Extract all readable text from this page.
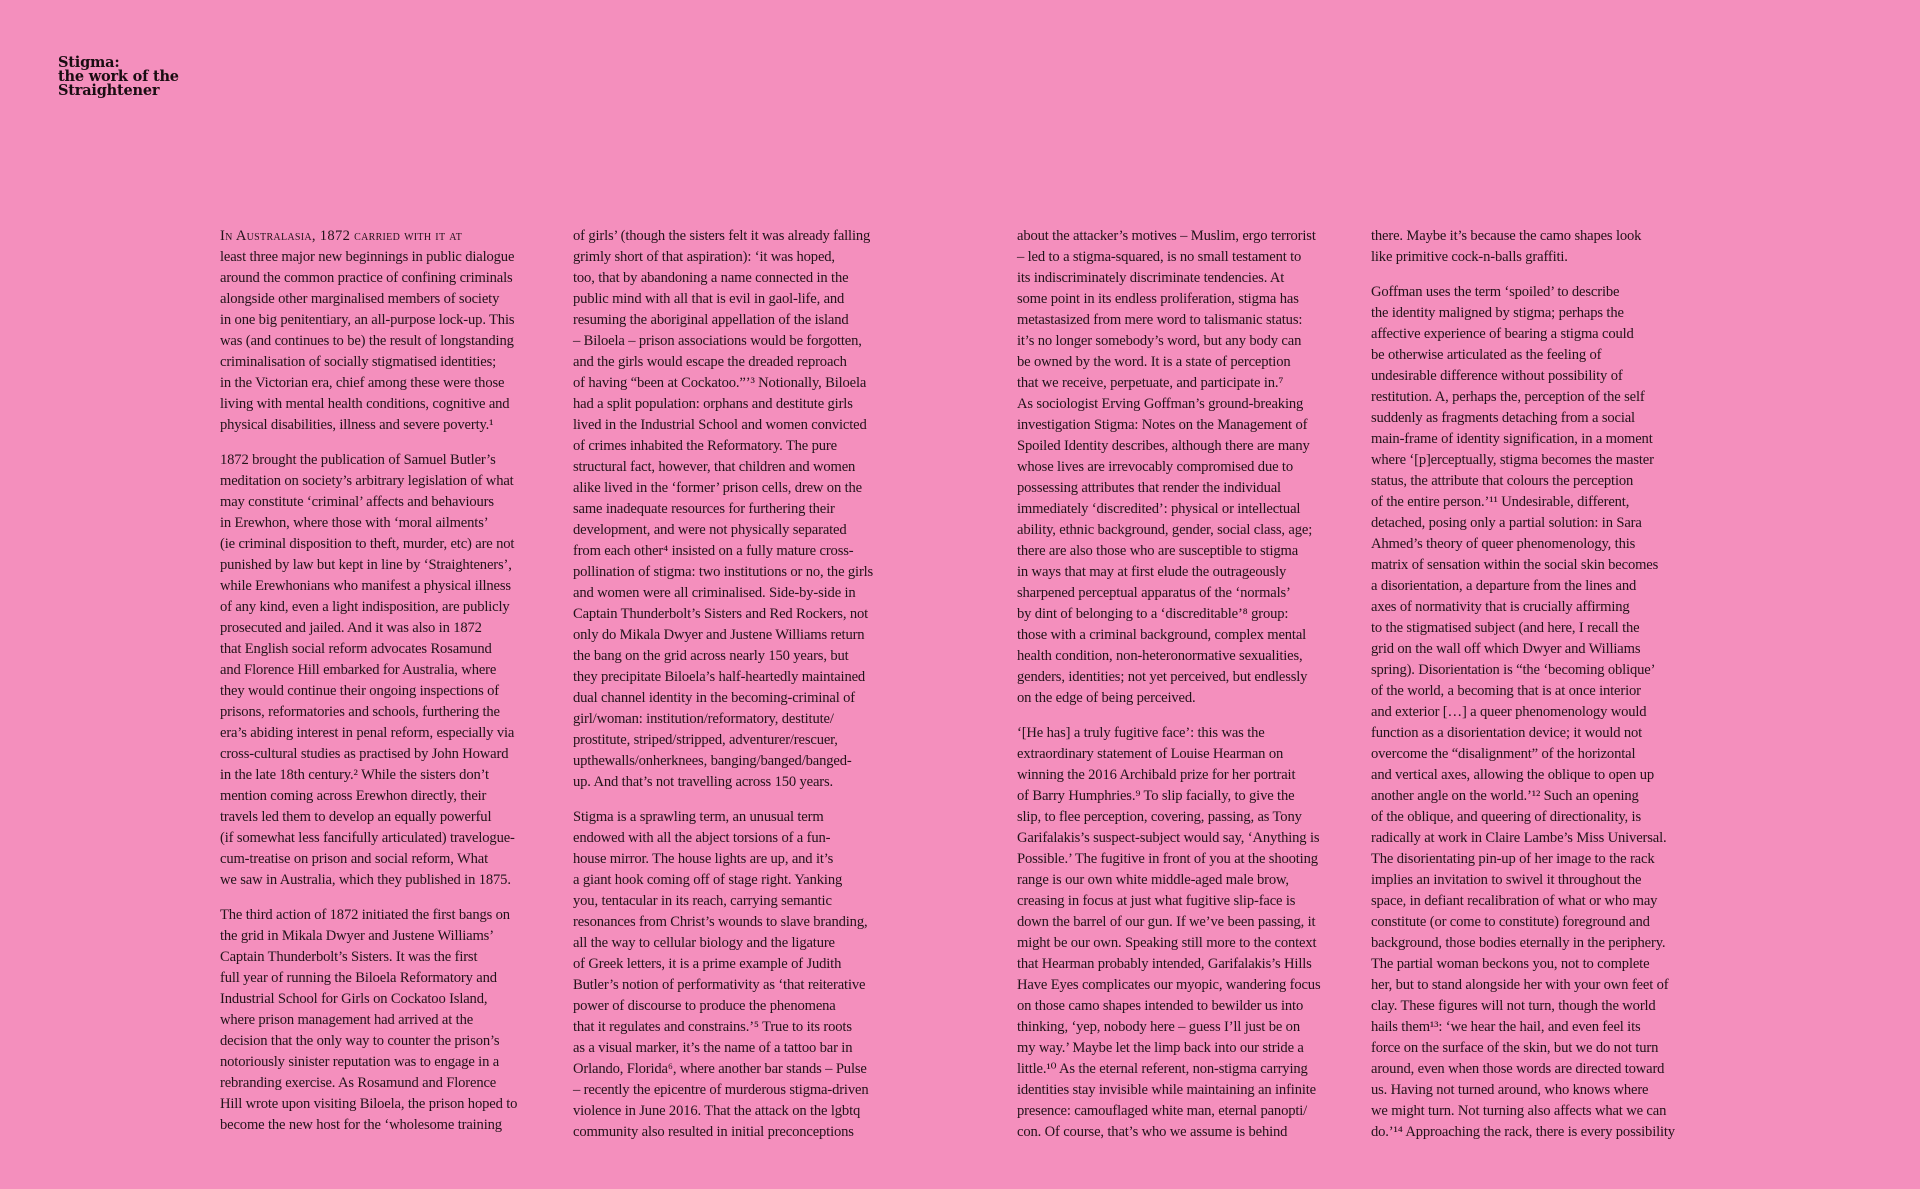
Stigma:
the work of the
Straightener

In Australasia, 1872 carried with it at
least three major new beginnings in public dialogue
around the common practice of confining criminals
alongside other marginalised members of society
in one big penitentiary, an all-purpose lock-up. This
was (and continues to be) the result of longstanding
criminalisation of socially stigmatised identities;
in the Victorian era, chief among these were those
living with mental health conditions, cognitive and
physical disabilities, illness and severe poverty.¹

1872 brought the publication of Samuel Butler’s
meditation on society’s arbitrary legislation of what
may constitute ‘criminal’ affects and behaviours
in Erewhon, where those with ‘moral ailments’
(ie criminal disposition to theft, murder, etc) are not
punished by law but kept in line by ‘Straighteners’,
while Erewhonians who manifest a physical illness
of any kind, even a light indisposition, are publicly
prosecuted and jailed. And it was also in 1872
that English social reform advocates Rosamund
and Florence Hill embarked for Australia, where
they would continue their ongoing inspections of
prisons, reformatories and schools, furthering the
era’s abiding interest in penal reform, especially via
cross-cultural studies as practised by John Howard
in the late 18th century.² While the sisters don’t
mention coming across Erewhon directly, their
travels led them to develop an equally powerful
(if somewhat less fancifully articulated) travelogue-
cum-treatise on prison and social reform, What
we saw in Australia, which they published in 1875.

The third action of 1872 initiated the first bangs on
the grid in Mikala Dwyer and Justene Williams’
Captain Thunderbolt’s Sisters. It was the first
full year of running the Biloela Reformatory and
Industrial School for Girls on Cockatoo Island,
where prison management had arrived at the
decision that the only way to counter the prison’s
notoriously sinister reputation was to engage in a
rebranding exercise. As Rosamund and Florence
Hill wrote upon visiting Biloela, the prison hoped to
become the new host for the ‘wholesome training

of girls’ (though the sisters felt it was already falling
grimly short of that aspiration): ‘it was hoped,
too, that by abandoning a name connected in the
public mind with all that is evil in gaol-life, and
resuming the aboriginal appellation of the island
– Biloela – prison associations would be forgotten,
and the girls would escape the dreaded reproach
of having “been at Cockatoo.”’³ Notionally, Biloela
had a split population: orphans and destitute girls
lived in the Industrial School and women convicted
of crimes inhabited the Reformatory. The pure
structural fact, however, that children and women
alike lived in the ‘former’ prison cells, drew on the
same inadequate resources for furthering their
development, and were not physically separated
from each other⁴ insisted on a fully mature cross-
pollination of stigma: two institutions or no, the girls
and women were all criminalised. Side-by-side in
Captain Thunderbolt’s Sisters and Red Rockers, not
only do Mikala Dwyer and Justene Williams return
the bang on the grid across nearly 150 years, but
they precipitate Biloela’s half-heartedly maintained
dual channel identity in the becoming-criminal of
girl/woman: institution/reformatory, destitute/
prostitute, striped/stripped, adventurer/rescuer,
upthewalls/onherknees, banging/banged/banged-
up. And that’s not travelling across 150 years.

Stigma is a sprawling term, an unusual term
endowed with all the abject torsions of a fun-
house mirror. The house lights are up, and it’s
a giant hook coming off of stage right. Yanking
you, tentacular in its reach, carrying semantic
resonances from Christ’s wounds to slave branding,
all the way to cellular biology and the ligature
of Greek letters, it is a prime example of Judith
Butler’s notion of performativity as ‘that reiterative
power of discourse to produce the phenomena
that it regulates and constrains.’⁵ True to its roots
as a visual marker, it’s the name of a tattoo bar in
Orlando, Florida⁶, where another bar stands – Pulse
– recently the epicentre of murderous stigma-driven
violence in June 2016. That the attack on the lgbtq
community also resulted in initial preconceptions

about the attacker’s motives – Muslim, ergo terrorist
– led to a stigma-squared, is no small testament to
its indiscriminately discriminate tendencies. At
some point in its endless proliferation, stigma has
metastasized from mere word to talismanic status:
it’s no longer somebody’s word, but any body can
be owned by the word. It is a state of perception
that we receive, perpetuate, and participate in.⁷
As sociologist Erving Goffman’s ground-breaking
investigation Stigma: Notes on the Management of
Spoiled Identity describes, although there are many
whose lives are irrevocably compromised due to
possessing attributes that render the individual
immediately ‘discredited’: physical or intellectual
ability, ethnic background, gender, social class, age;
there are also those who are susceptible to stigma
in ways that may at first elude the outrageously
sharpened perceptual apparatus of the ‘normals’
by dint of belonging to a ‘discreditable’⁸ group:
those with a criminal background, complex mental
health condition, non-heteronormative sexualities,
genders, identities; not yet perceived, but endlessly
on the edge of being perceived.

‘[He has] a truly fugitive face’: this was the
extraordinary statement of Louise Hearman on
winning the 2016 Archibald prize for her portrait
of Barry Humphries.⁹ To slip facially, to give the
slip, to flee perception, covering, passing, as Tony
Garifalakis’s suspect-subject would say, ‘Anything is
Possible.’ The fugitive in front of you at the shooting
range is our own white middle-aged male brow,
creasing in focus at just what fugitive slip-face is
down the barrel of our gun. If we’ve been passing, it
might be our own. Speaking still more to the context
that Hearman probably intended, Garifalakis’s Hills
Have Eyes complicates our myopic, wandering focus
on those camo shapes intended to bewilder us into
thinking, ‘yep, nobody here – guess I’ll just be on
my way.’ Maybe let the limp back into our stride a
little.¹⁰ As the eternal referent, non-stigma carrying
identities stay invisible while maintaining an infinite
presence: camouflaged white man, eternal panopti/
con. Of course, that’s who we assume is behind

there. Maybe it’s because the camo shapes look
like primitive cock-n-balls graffiti.

Goffman uses the term ‘spoiled’ to describe
the identity maligned by stigma; perhaps the
affective experience of bearing a stigma could
be otherwise articulated as the feeling of
undesirable difference without possibility of
restitution. A, perhaps the, perception of the self
suddenly as fragments detaching from a social
main-frame of identity signification, in a moment
where ‘[p]erceptually, stigma becomes the master
status, the attribute that colours the perception
of the entire person.’¹¹ Undesirable, different,
detached, posing only a partial solution: in Sara
Ahmed’s theory of queer phenomenology, this
matrix of sensation within the social skin becomes
a disorientation, a departure from the lines and
axes of normativity that is crucially affirming
to the stigmatised subject (and here, I recall the
grid on the wall off which Dwyer and Williams
spring). Disorientation is “the ‘becoming oblique’
of the world, a becoming that is at once interior
and exterior […] a queer phenomenology would
function as a disorientation device; it would not
overcome the “disalignment” of the horizontal
and vertical axes, allowing the oblique to open up
another angle on the world.’¹² Such an opening
of the oblique, and queering of directionality, is
radically at work in Claire Lambe’s Miss Universal.
The disorientating pin-up of her image to the rack
implies an invitation to swivel it throughout the
space, in defiant recalibration of what or who may
constitute (or come to constitute) foreground and
background, those bodies eternally in the periphery.
The partial woman beckons you, not to complete
her, but to stand alongside her with your own feet of
clay. These figures will not turn, though the world
hails them¹³: ‘we hear the hail, and even feel its
force on the surface of the skin, but we do not turn
around, even when those words are directed toward
us. Having not turned around, who knows where
we might turn. Not turning also affects what we can
do.’¹⁴ Approaching the rack, there is every possibility
